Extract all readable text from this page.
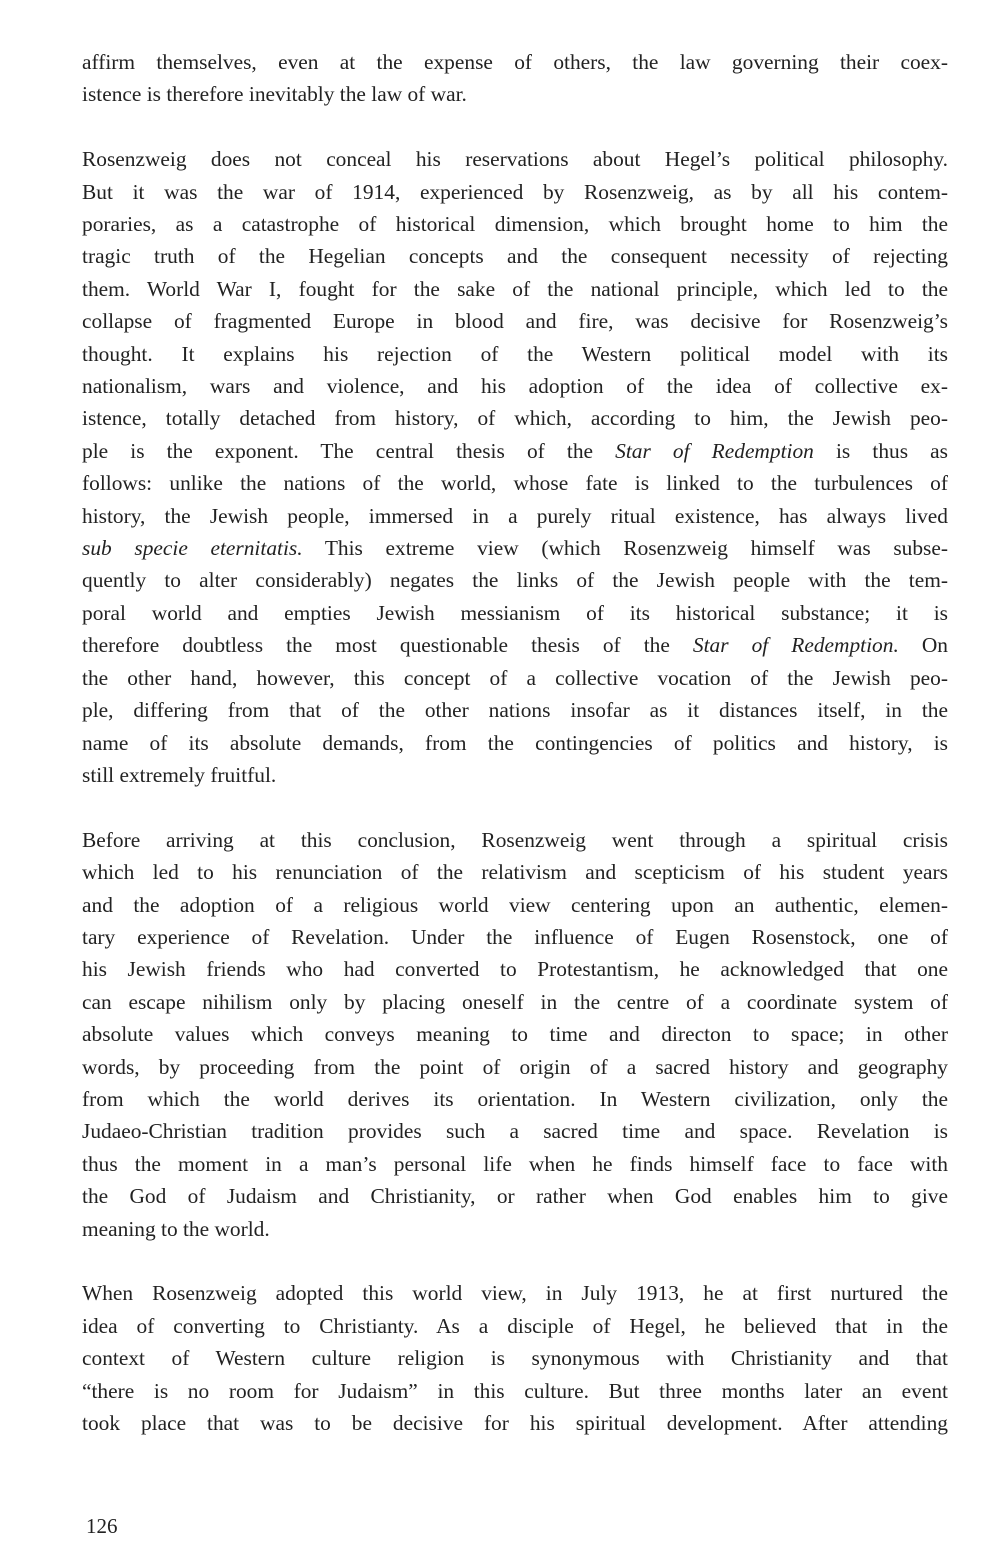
affirm themselves, even at the expense of others, the law governing their coex-
istence is therefore inevitably the law of war.

Rosenzweig does not conceal his reservations about Hegel’s political philosophy.
But it was the war of 1914, experienced by Rosenzweig, as by all his contem-
poraries, as a catastrophe of historical dimension, which brought home to him the
tragic truth of the Hegelian concepts and the consequent necessity of rejecting
them. World War I, fought for the sake of the national principle, which led to the
collapse of fragmented Europe in blood and fire, was decisive for Rosenzweig’s
thought. It explains his rejection of the Western political model with its
nationalism, wars and violence, and his adoption of the idea of collective ex-
istence, totally detached from history, of which, according to him, the Jewish peo-
ple is the exponent. The central thesis of the Star of Redemption is thus as
follows: unlike the nations of the world, whose fate is linked to the turbulences of
history, the Jewish people, immersed in a purely ritual existence, has always lived
sub specie eternitatis. This extreme view (which Rosenzweig himself was subse-
quently to alter considerably) negates the links of the Jewish people with the tem-
poral world and empties Jewish messianism of its historical substance; it is
therefore doubtless the most questionable thesis of the Star of Redemption. On
the other hand, however, this concept of a collective vocation of the Jewish peo-
ple, differing from that of the other nations insofar as it distances itself, in the
name of its absolute demands, from the contingencies of politics and history, is
still extremely fruitful.

Before arriving at this conclusion, Rosenzweig went through a spiritual crisis
which led to his renunciation of the relativism and scepticism of his student years
and the adoption of a religious world view centering upon an authentic, elemen-
tary experience of Revelation. Under the influence of Eugen Rosenstock, one of
his Jewish friends who had converted to Protestantism, he acknowledged that one
can escape nihilism only by placing oneself in the centre of a coordinate system of
absolute values which conveys meaning to time and directon to space; in other
words, by proceeding from the point of origin of a sacred history and geography
from which the world derives its orientation. In Western civilization, only the
Judaeo-Christian tradition provides such a sacred time and space. Revelation is
thus the moment in a man’s personal life when he finds himself face to face with
the God of Judaism and Christianity, or rather when God enables him to give
meaning to the world.

When Rosenzweig adopted this world view, in July 1913, he at first nurtured the
idea of converting to Christianty. As a disciple of Hegel, he believed that in the
context of Western culture religion is synonymous with Christianity and that
“there is no room for Judaism” in this culture. But three months later an event
took place that was to be decisive for his spiritual development. After attending

126
